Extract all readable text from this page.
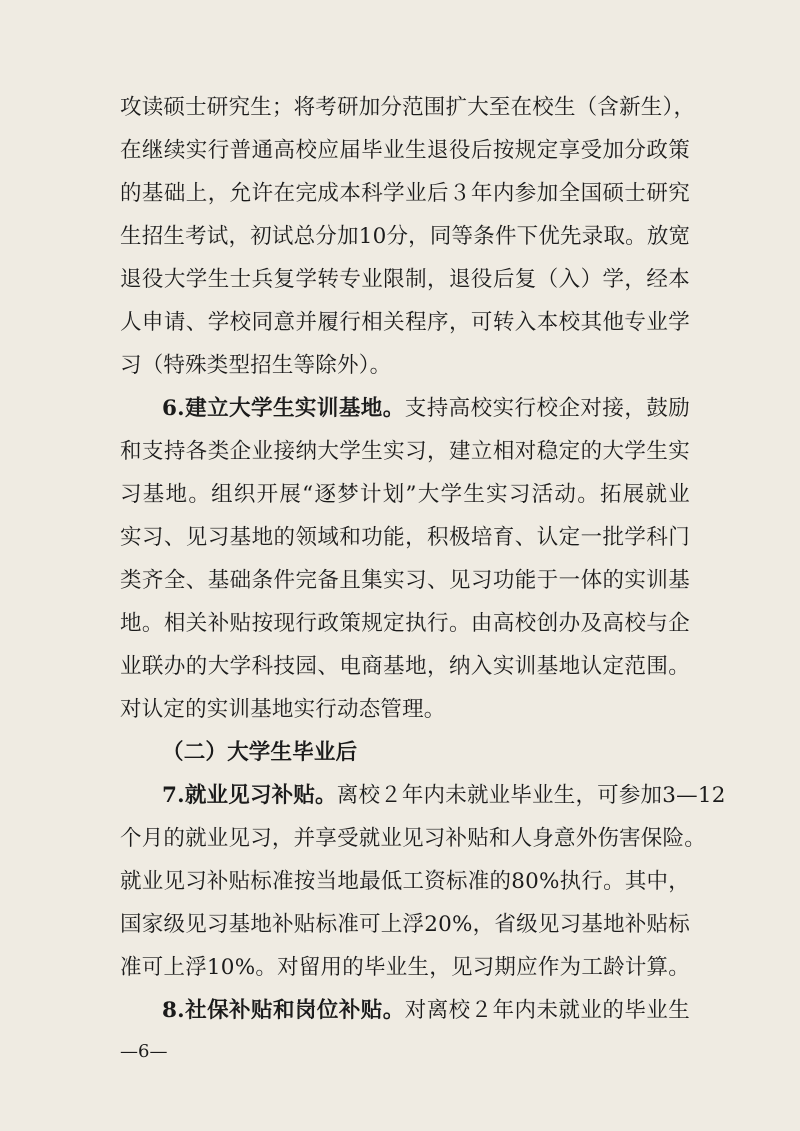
攻读硕士研究生；将考研加分范围扩大至在校生（含新生），
在继续实行普通高校应届毕业生退役后按规定享受加分政策
的基础上，允许在完成本科学业后３年内参加全国硕士研究
生招生考试，初试总分加10分，同等条件下优先录取。放宽
退役大学生士兵复学转专业限制，退役后复（入）学，经本
人申请、学校同意并履行相关程序，可转入本校其他专业学
习（特殊类型招生等除外）。
6.建立大学生实训基地。支持高校实行校企对接，鼓励
和支持各类企业接纳大学生实习，建立相对稳定的大学生实
习基地。组织开展“逐梦计划”大学生实习活动。拓展就业
实习、见习基地的领域和功能，积极培育、认定一批学科门
类齐全、基础条件完备且集实习、见习功能于一体的实训基
地。相关补贴按现行政策规定执行。由高校创办及高校与企
业联办的大学科技园、电商基地，纳入实训基地认定范围。
对认定的实训基地实行动态管理。
（二）大学生毕业后
7.就业见习补贴。离校２年内未就业毕业生，可参加3—12
个月的就业见习，并享受就业见习补贴和人身意外伤害保险。
就业见习补贴标准按当地最低工资标准的80%执行。其中，
国家级见习基地补贴标准可上浮20%，省级见习基地补贴标
准可上浮10%。对留用的毕业生，见习期应作为工龄计算。
8.社保补贴和岗位补贴。对离校２年内未就业的毕业生
—6—
